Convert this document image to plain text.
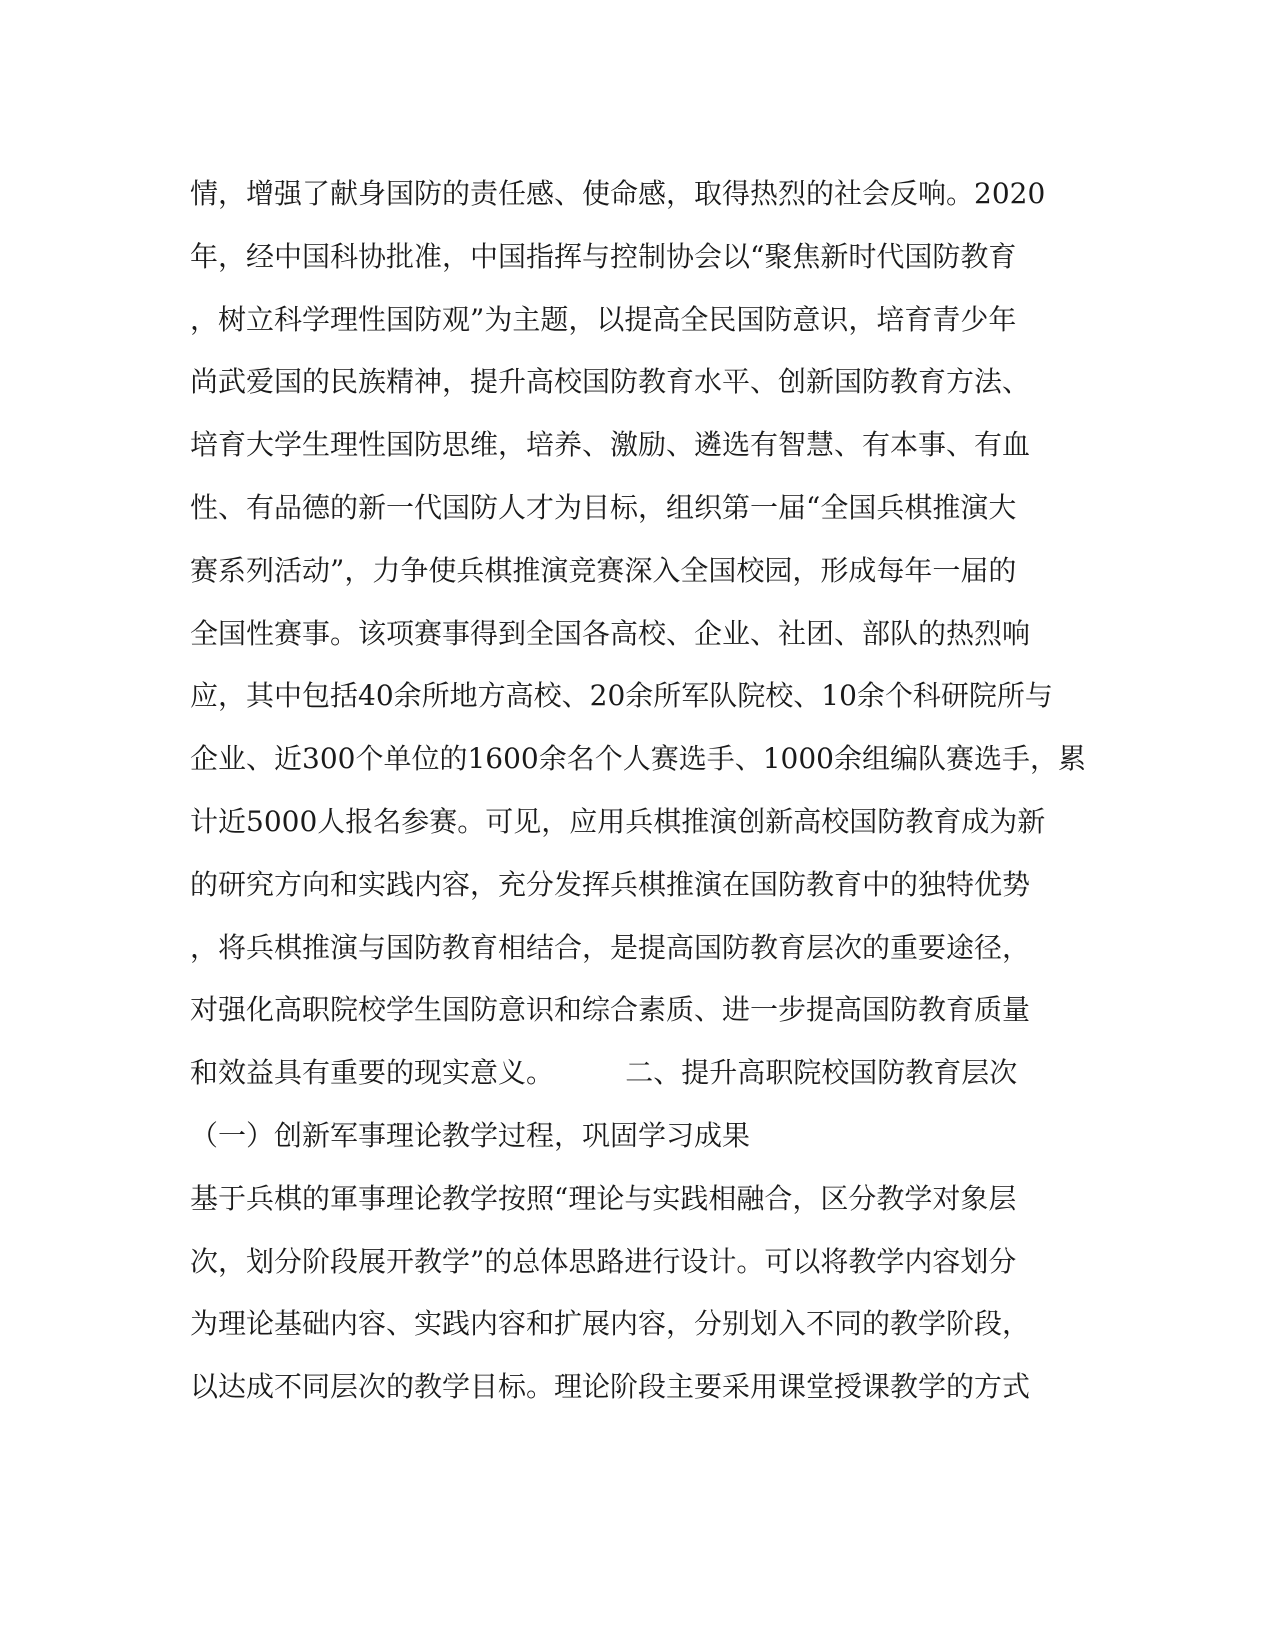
情，增强了献身国防的责任感、使命感，取得热烈的社会反响。2020
年，经中国科协批准，中国指挥与控制协会以“聚焦新时代国防教育
，树立科学理性国防观”为主题，以提高全民国防意识，培育青少年
尚武爱国的民族精神，提升高校国防教育水平、创新国防教育方法、
培育大学生理性国防思维，培养、激励、遴选有智慧、有本事、有血
性、有品德的新一代国防人才为目标，组织第一届“全国兵棋推演大
赛系列活动”，力争使兵棋推演竞赛深入全国校园，形成每年一届的
全国性赛事。该项赛事得到全国各高校、企业、社团、部队的热烈响
应，其中包括40余所地方高校、20余所军队院校、10余个科研院所与
企业、近300个单位的1600余名个人赛选手、1000余组编队赛选手，累
计近5000人报名参赛。可见，应用兵棋推演创新高校国防教育成为新
的研究方向和实践内容，充分发挥兵棋推演在国防教育中的独特优势
，将兵棋推演与国防教育相结合，是提高国防教育层次的重要途径，
对强化高职院校学生国防意识和综合素质、进一步提高国防教育质量
和效益具有重要的现实意义。        二、提升高职院校国防教育层次
（一）创新军事理论教学过程，巩固学习成果
基于兵棋的軍事理论教学按照“理论与实践相融合，区分教学对象层
次，划分阶段展开教学”的总体思路进行设计。可以将教学内容划分
为理论基础内容、实践内容和扩展内容，分别划入不同的教学阶段，
以达成不同层次的教学目标。理论阶段主要采用课堂授课教学的方式
